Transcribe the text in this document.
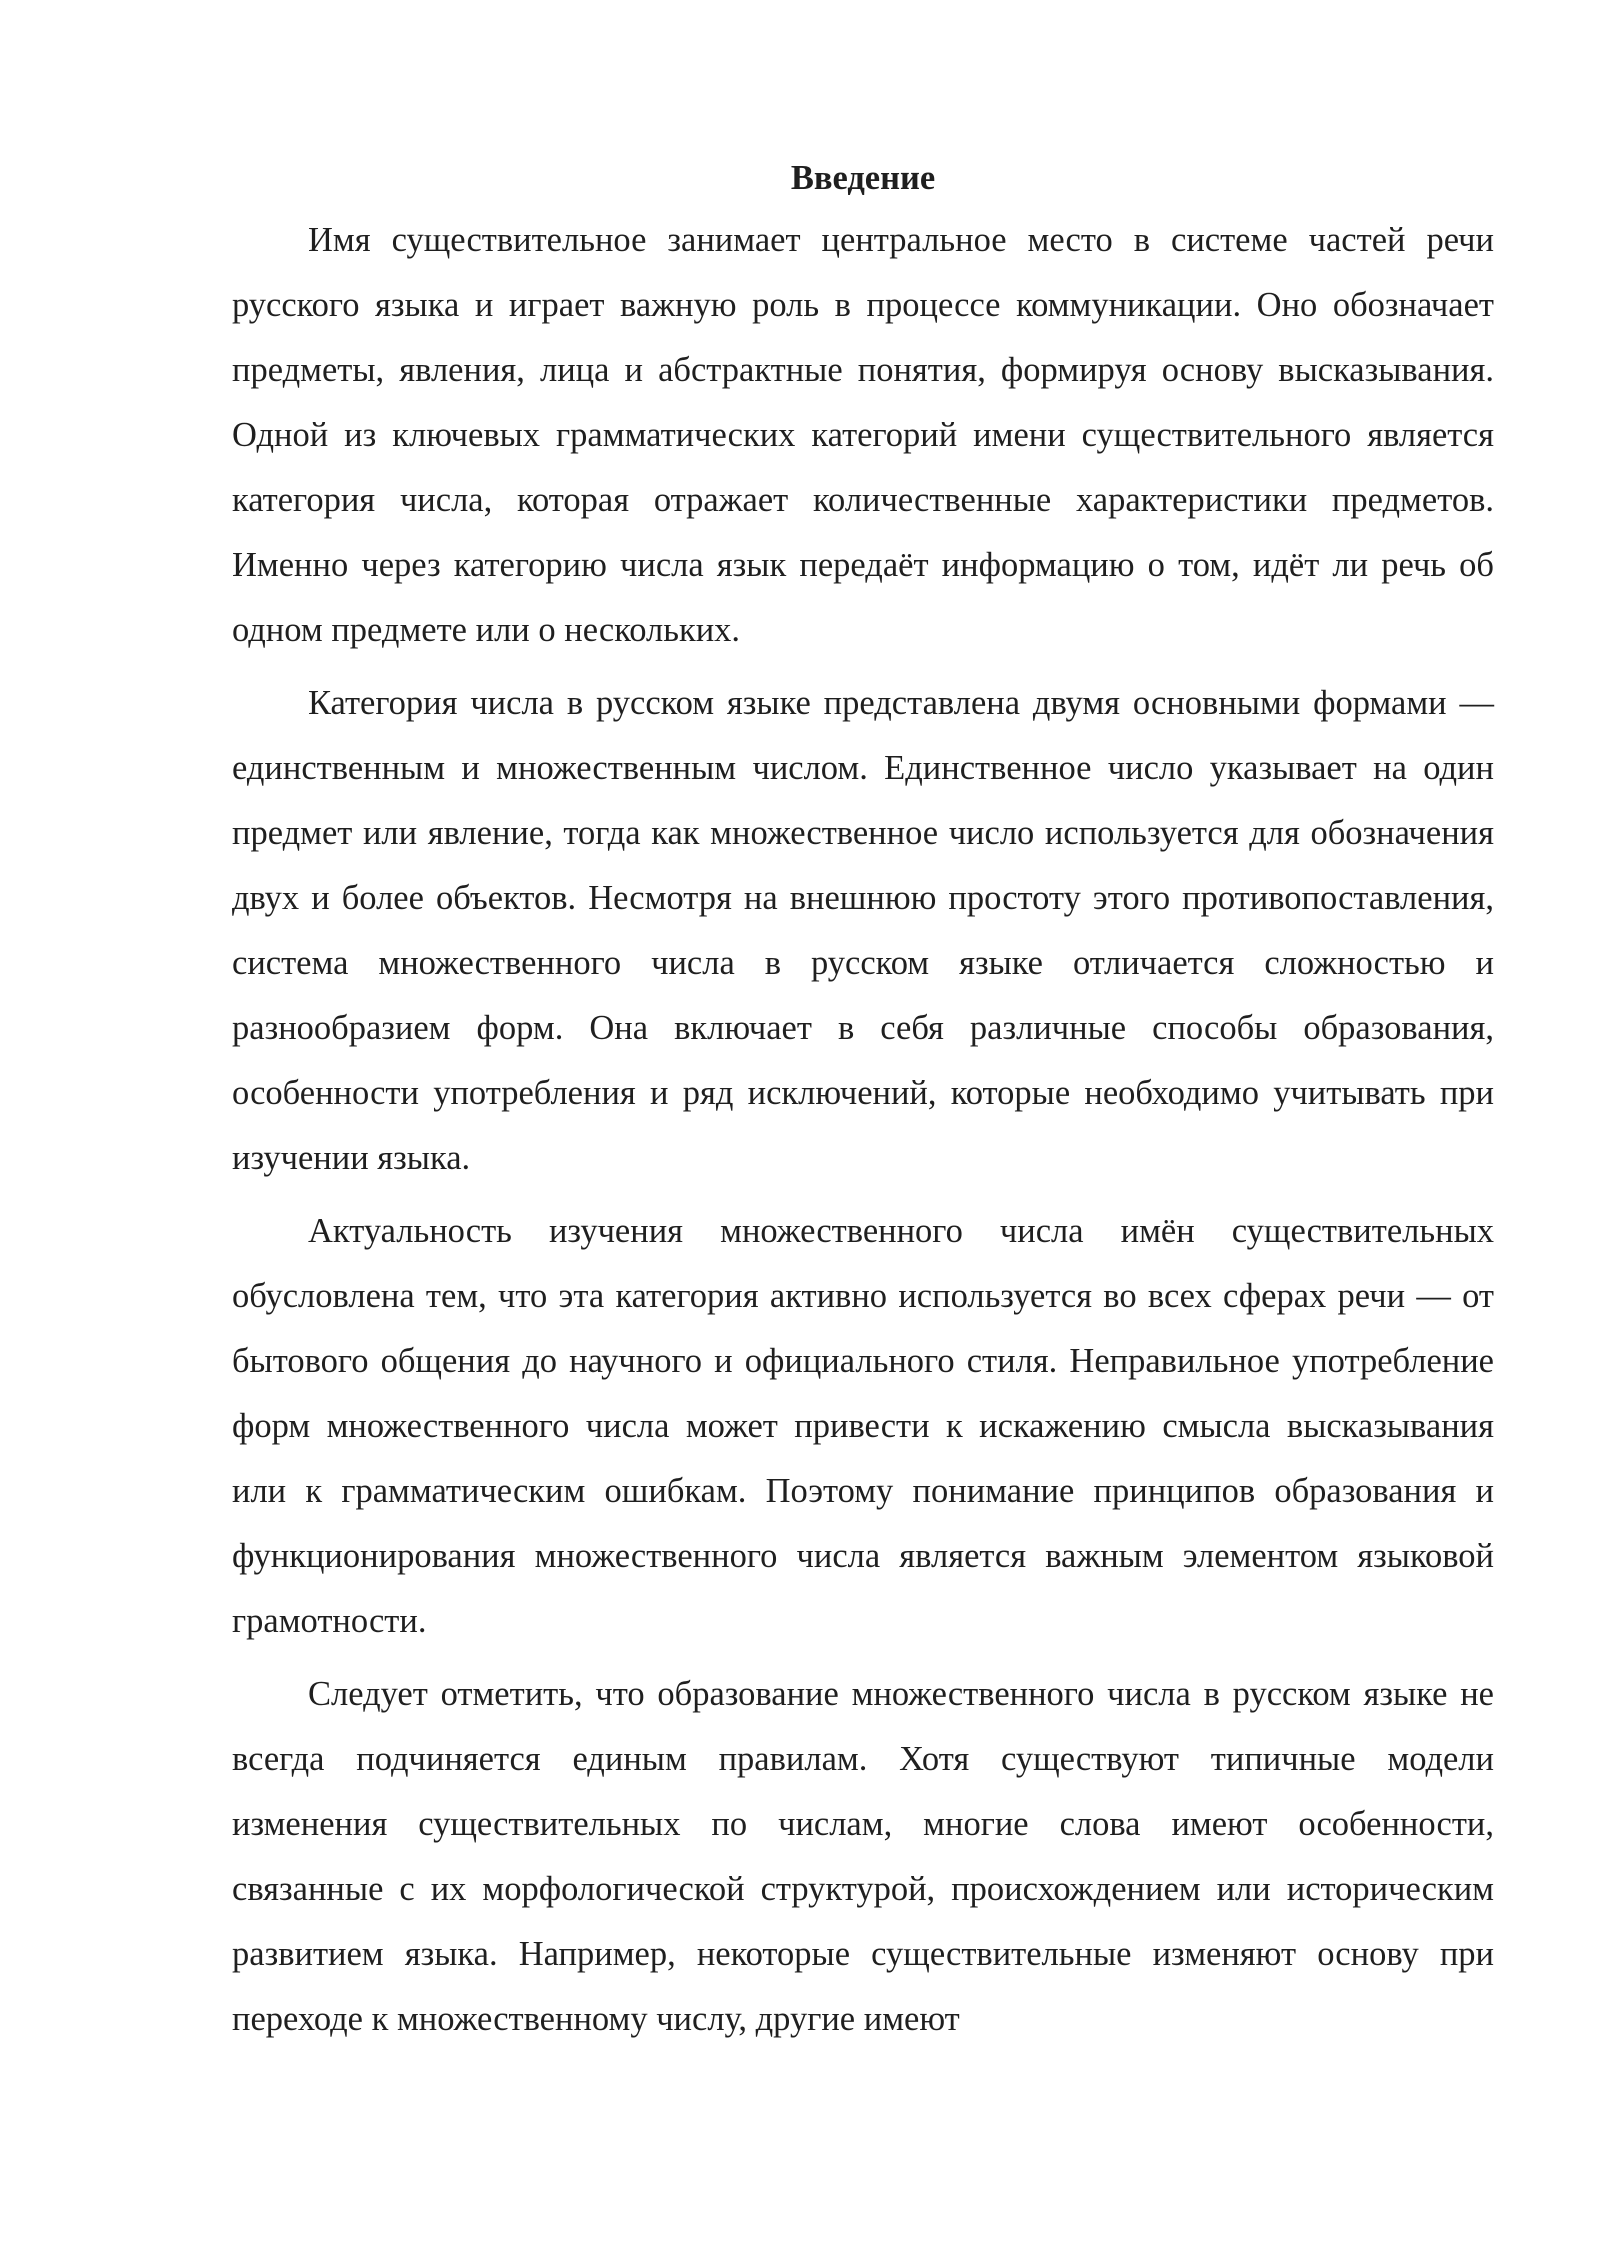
Введение

Имя существительное занимает центральное место в системе частей речи русского языка и играет важную роль в процессе коммуникации. Оно обозначает предметы, явления, лица и абстрактные понятия, формируя основу высказывания. Одной из ключевых грамматических категорий имени существительного является категория числа, которая отражает количественные характеристики предметов. Именно через категорию числа язык передаёт информацию о том, идёт ли речь об одном предмете или о нескольких.

Категория числа в русском языке представлена двумя основными формами — единственным и множественным числом. Единственное число указывает на один предмет или явление, тогда как множественное число используется для обозначения двух и более объектов. Несмотря на внешнюю простоту этого противопоставления, система множественного числа в русском языке отличается сложностью и разнообразием форм. Она включает в себя различные способы образования, особенности употребления и ряд исключений, которые необходимо учитывать при изучении языка.

Актуальность изучения множественного числа имён существительных обусловлена тем, что эта категория активно используется во всех сферах речи — от бытового общения до научного и официального стиля. Неправильное употребление форм множественного числа может привести к искажению смысла высказывания или к грамматическим ошибкам. Поэтому понимание принципов образования и функционирования множественного числа является важным элементом языковой грамотности.

Следует отметить, что образование множественного числа в русском языке не всегда подчиняется единым правилам. Хотя существуют типичные модели изменения существительных по числам, многие слова имеют особенности, связанные с их морфологической структурой, происхождением или историческим развитием языка. Например, некоторые существительные изменяют основу при переходе к множественному числу, другие имеют
